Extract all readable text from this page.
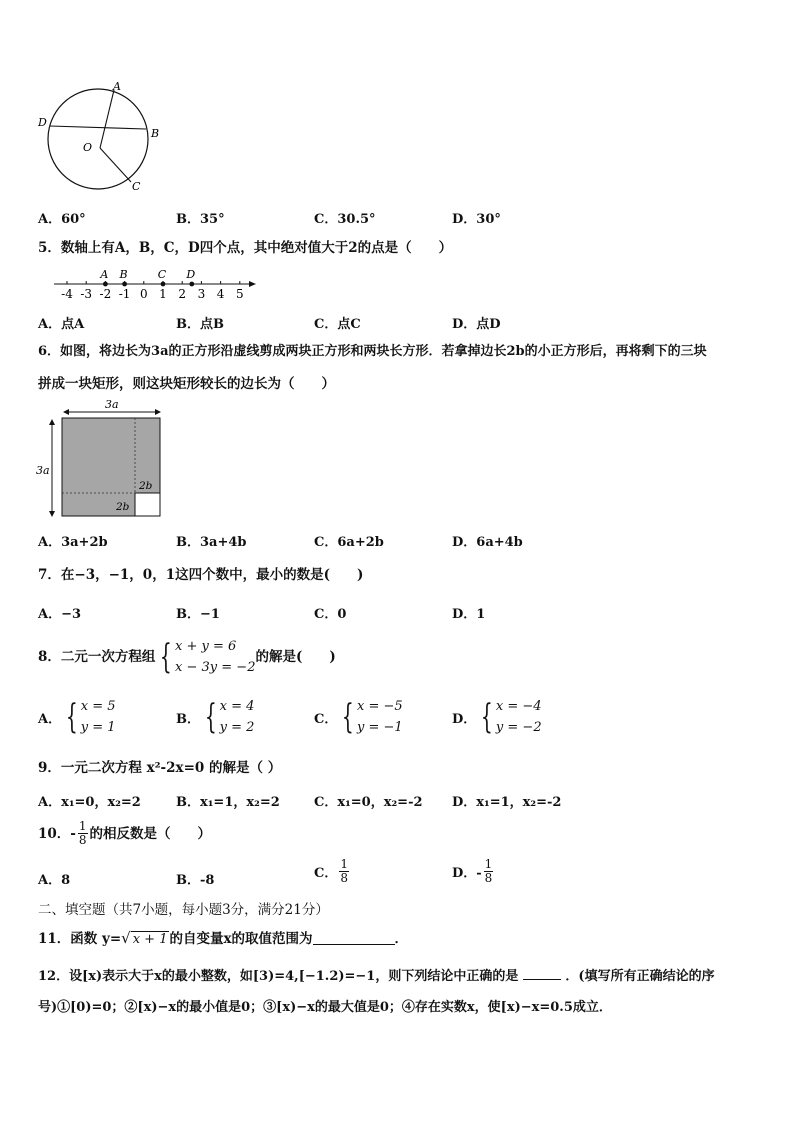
A
B
C
D
O
A．60°	B．35°	C．30.5°	D．30°
5．数轴上有A，B，C，D四个点，其中绝对值大于2的点是（　　）
-4 -3 -2 -1 0 1 2 3 4 5
A B	C D
A．点A	B．点B	C．点C	D．点D
6．如图，将边长为3a的正方形沿虚线剪成两块正方形和两块长方形．若拿掉边长2b的小正方形后，再将剩下的三块
拼成一块矩形，则这块矩形较长的边长为（　　）
3a
3a
2b
2b
A．3a+2b	B．3a+4b	C．6a+2b	D．6a+4b
7．在−3，−1，0，1这四个数中，最小的数是(　　)
A．−3	B．−1	C．0	D．1
8．二元一次方程组 { x + y = 6
x − 3y = −2
的解是(　　)
A． { x = 5
y = 1
B． { x = 4
y = 2
C． { x = −5
y = −1
D． { x = −4
y = −2
9．一元二次方程 x²-2x=0 的解是（ ）
A．x₁=0，x₂=2	B．x₁=1，x₂=2	C．x₁=0，x₂=-2 D．x₁=1，x₂=-2
10．- $\frac{1}{8}$ 的相反数是（　　）
A．8	B．-8	C． $\frac{1}{8}$	D．- $\frac{1}{8}$
二、填空题（共7小题，每小题3分，满分21分）
11．函数 y= √ x + 1 的自变量x的取值范围为	．
12．设[x)表示大于x的最小整数，如[3)=4,[−1.2)=−1，则下列结论中正确的是	．(填写所有正确结论的序
号)①[0)=0；②[x)−x的最小值是0；③[x)−x的最大值是0；④存在实数x，使[x)−x=0.5成立．
